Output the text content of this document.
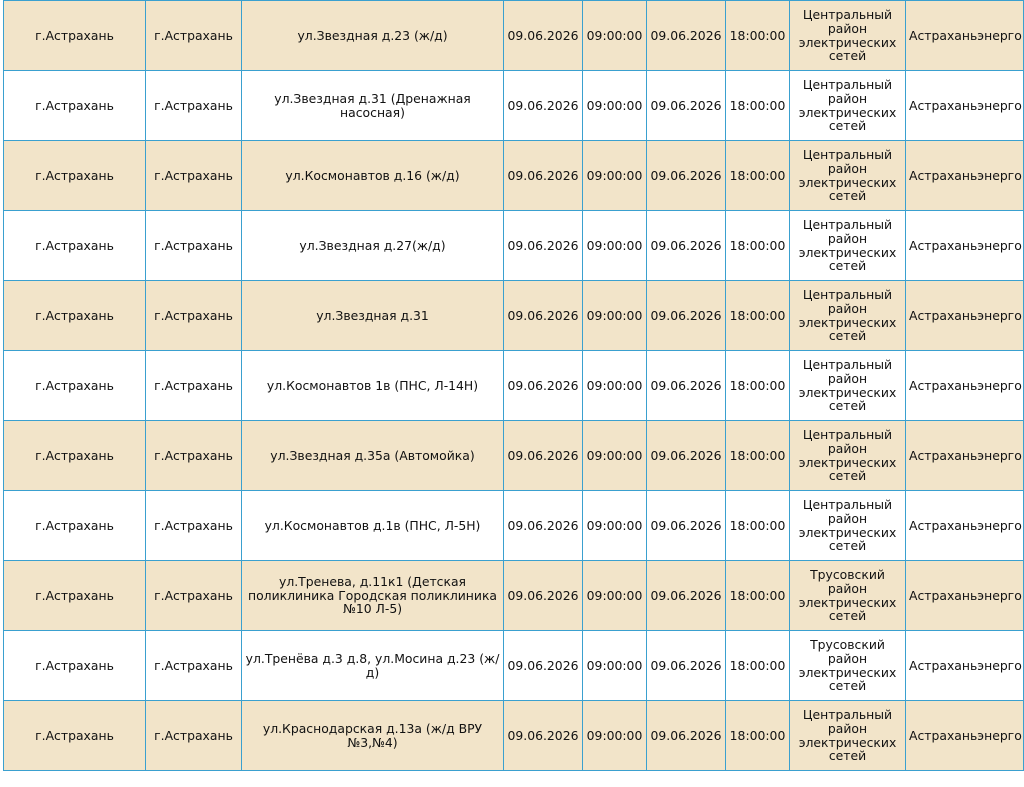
г.Астрахань	г.Астрахань	ул.Звездная д.23 (ж/д)	09.06.2026	09:00:00	09.06.2026	18:00:00	Центральный район электрических сетей	Астраханьэнерго
г.Астрахань	г.Астрахань	ул.Звездная д.31 (Дренажная насосная)	09.06.2026	09:00:00	09.06.2026	18:00:00	Центральный район электрических сетей	Астраханьэнерго
г.Астрахань	г.Астрахань	ул.Космонавтов д.16 (ж/д)	09.06.2026	09:00:00	09.06.2026	18:00:00	Центральный район электрических сетей	Астраханьэнерго
г.Астрахань	г.Астрахань	ул.Звездная д.27(ж/д)	09.06.2026	09:00:00	09.06.2026	18:00:00	Центральный район электрических сетей	Астраханьэнерго
г.Астрахань	г.Астрахань	ул.Звездная д.31	09.06.2026	09:00:00	09.06.2026	18:00:00	Центральный район электрических сетей	Астраханьэнерго
г.Астрахань	г.Астрахань	ул.Космонавтов 1в (ПНС, Л-14Н)	09.06.2026	09:00:00	09.06.2026	18:00:00	Центральный район электрических сетей	Астраханьэнерго
г.Астрахань	г.Астрахань	ул.Звездная д.35а (Автомойка)	09.06.2026	09:00:00	09.06.2026	18:00:00	Центральный район электрических сетей	Астраханьэнерго
г.Астрахань	г.Астрахань	ул.Космонавтов д.1в (ПНС, Л-5Н)	09.06.2026	09:00:00	09.06.2026	18:00:00	Центральный район электрических сетей	Астраханьэнерго
г.Астрахань	г.Астрахань	ул.Тренева, д.11к1 (Детская поликлиника Городская поликлиника №10 Л-5)	09.06.2026	09:00:00	09.06.2026	18:00:00	Трусовский район электрических сетей	Астраханьэнерго
г.Астрахань	г.Астрахань	ул.Тренёва д.3 д.8, ул.Мосина д.23 (ж/д)	09.06.2026	09:00:00	09.06.2026	18:00:00	Трусовский район электрических сетей	Астраханьэнерго
г.Астрахань	г.Астрахань	ул.Краснодарская д.13а (ж/д ВРУ №3,№4)	09.06.2026	09:00:00	09.06.2026	18:00:00	Центральный район электрических сетей	Астраханьэнерго
